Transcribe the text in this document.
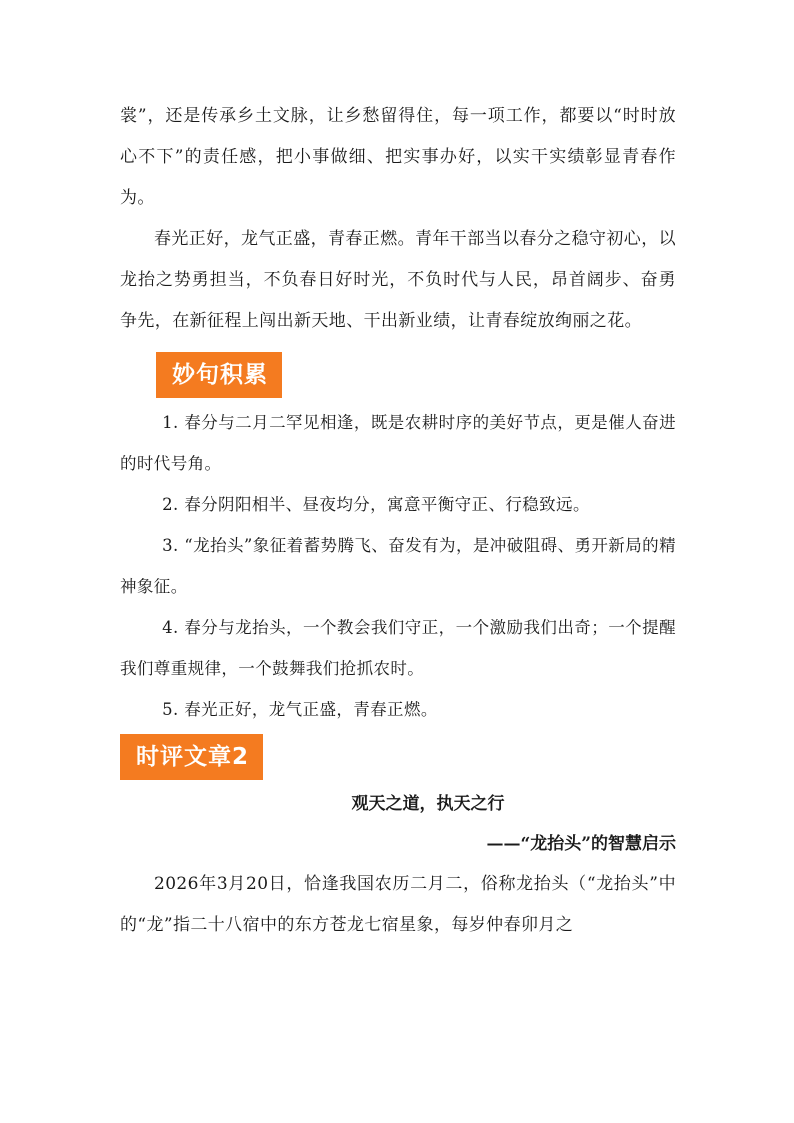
裳”，还是传承乡土文脉，让乡愁留得住，每一项工作，都要以“时时放心不下”的责任感，把小事做细、把实事办好，以实干实绩彰显青春作为。

春光正好，龙气正盛，青春正燃。青年干部当以春分之稳守初心，以龙抬之势勇担当，不负春日好时光，不负时代与人民，昂首阔步、奋勇争先，在新征程上闯出新天地、干出新业绩，让青春绽放绚丽之花。

妙句积累

1. 春分与二月二罕见相逢，既是农耕时序的美好节点，更是催人奋进的时代号角。

2. 春分阴阳相半、昼夜均分，寓意平衡守正、行稳致远。

3. “龙抬头”象征着蓄势腾飞、奋发有为，是冲破阻碍、勇开新局的精神象征。

4. 春分与龙抬头，一个教会我们守正，一个激励我们出奇；一个提醒我们尊重规律，一个鼓舞我们抢抓农时。

5. 春光正好，龙气正盛，青春正燃。

时评文章2
观天之道，执天之行
——“龙抬头”的智慧启示

2026年3月20日，恰逢我国农历二月二，俗称龙抬头（“龙抬头”中的“龙”指二十八宿中的东方苍龙七宿星象，每岁仲春卯月之
